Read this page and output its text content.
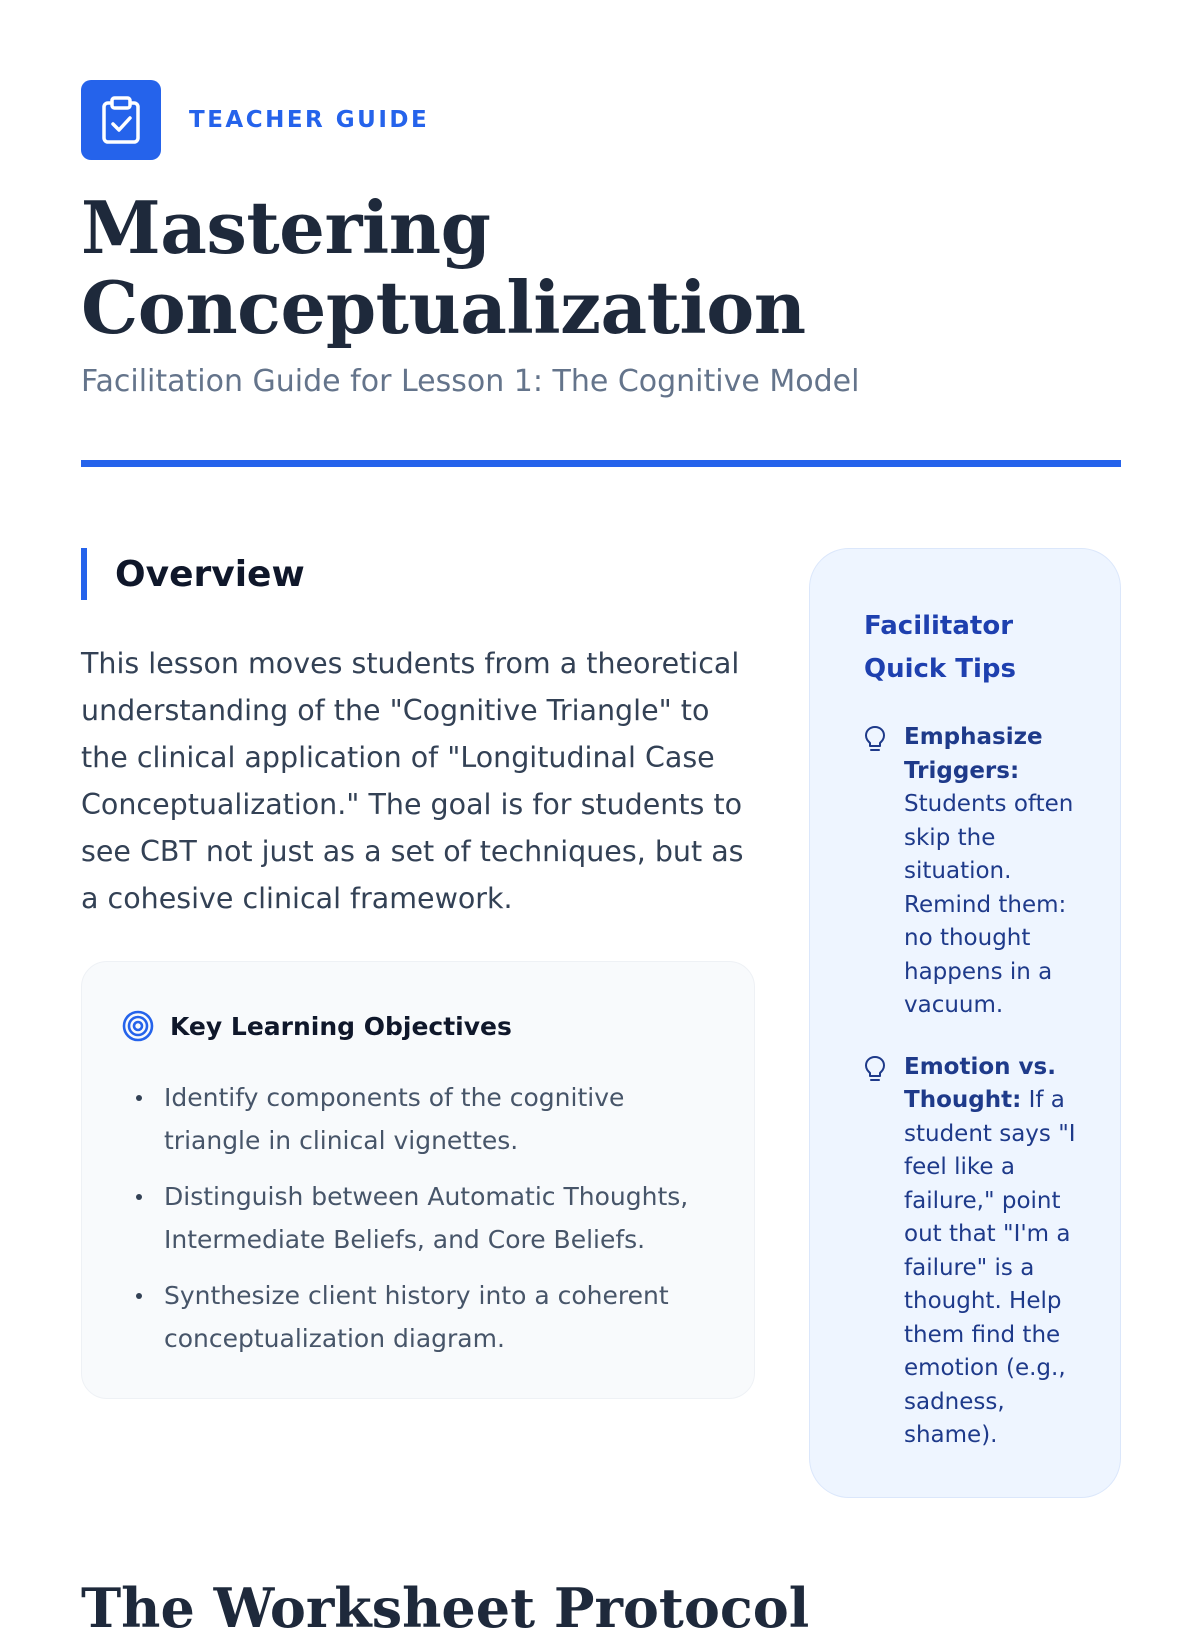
TEACHER GUIDE
Mastering Conceptualization
Facilitation Guide for Lesson 1: The Cognitive Model
Overview

This lesson moves students from a theoretical understanding of the "Cognitive Triangle" to the clinical application of "Longitudinal Case Conceptualization." The goal is for students to see CBT not just as a set of techniques, but as a cohesive clinical framework.

Key Learning Objectives
Identify components of the cognitive triangle in clinical vignettes.
Distinguish between Automatic Thoughts, Intermediate Beliefs, and Core Beliefs.
Synthesize client history into a coherent conceptualization diagram.
Facilitator Quick Tips
Emphasize Triggers: Students often skip the situation. Remind them: no thought happens in a vacuum.
Emotion vs. Thought: If a student says "I feel like a failure," point out that "I'm a failure" is a thought. Help them find the emotion (e.g., sadness, shame).
The Worksheet Protocol
